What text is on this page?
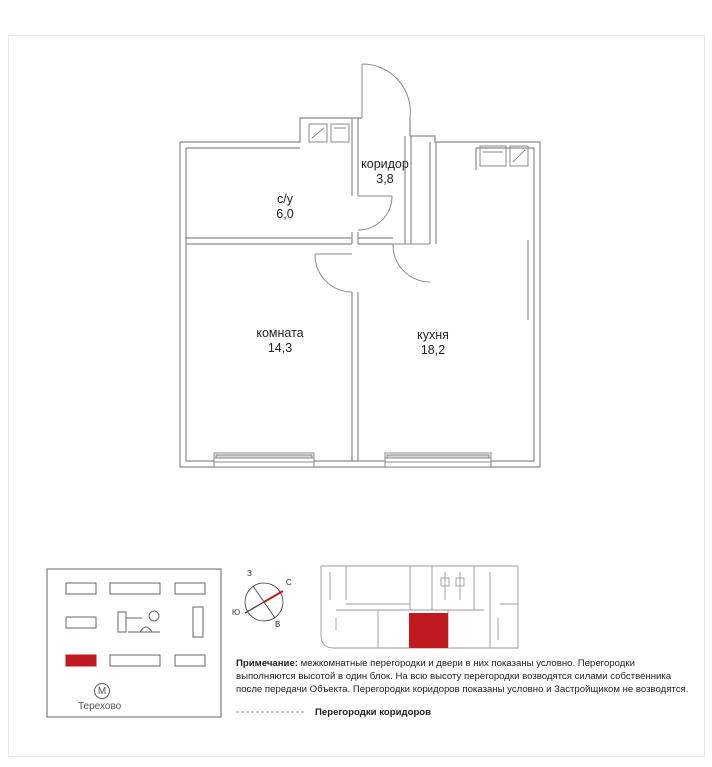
коридор
3,8
с/у
6,0
комната
14,3
кухня
18,2
З
С
В
Ю
М
Терехово
Примечание: межкомнатные перегородки и двери в них показаны условно. Перегородки выполняются высотой в один блок. На всю высоту перегородки возводятся силами собственника после передачи Объекта. Перегородки коридоров показаны условно и Застройщиком не возводятся.
Перегородки коридоров
